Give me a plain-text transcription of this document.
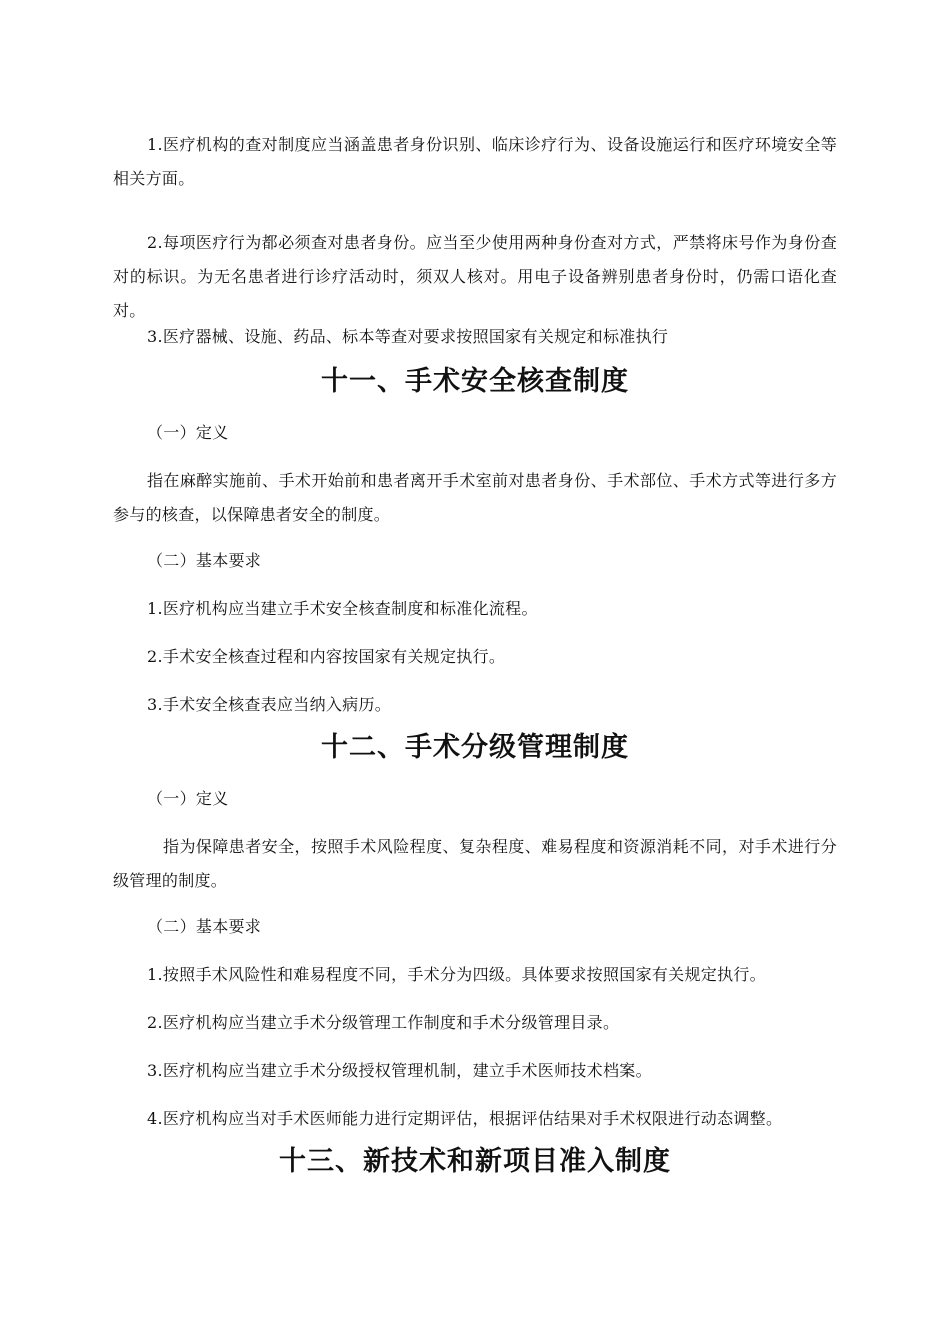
1.医疗机构的查对制度应当涵盖患者身份识别、临床诊疗行为、设备设施运行和医疗环境安全等相关方面。

2.每项医疗行为都必须查对患者身份。应当至少使用两种身份查对方式，严禁将床号作为身份查对的标识。为无名患者进行诊疗活动时，须双人核对。用电子设备辨别患者身份时，仍需口语化查对。

3.医疗器械、设施、药品、标本等查对要求按照国家有关规定和标准执行

十一、手术安全核查制度

（一）定义

指在麻醉实施前、手术开始前和患者离开手术室前对患者身份、手术部位、手术方式等进行多方参与的核查，以保障患者安全的制度。

（二）基本要求

1.医疗机构应当建立手术安全核查制度和标准化流程。

2.手术安全核查过程和内容按国家有关规定执行。

3.手术安全核查表应当纳入病历。

十二、手术分级管理制度

（一）定义

指为保障患者安全，按照手术风险程度、复杂程度、难易程度和资源消耗不同，对手术进行分级管理的制度。

（二）基本要求

1.按照手术风险性和难易程度不同，手术分为四级。具体要求按照国家有关规定执行。

2.医疗机构应当建立手术分级管理工作制度和手术分级管理目录。

3.医疗机构应当建立手术分级授权管理机制，建立手术医师技术档案。

4.医疗机构应当对手术医师能力进行定期评估，根据评估结果对手术权限进行动态调整。

十三、新技术和新项目准入制度
